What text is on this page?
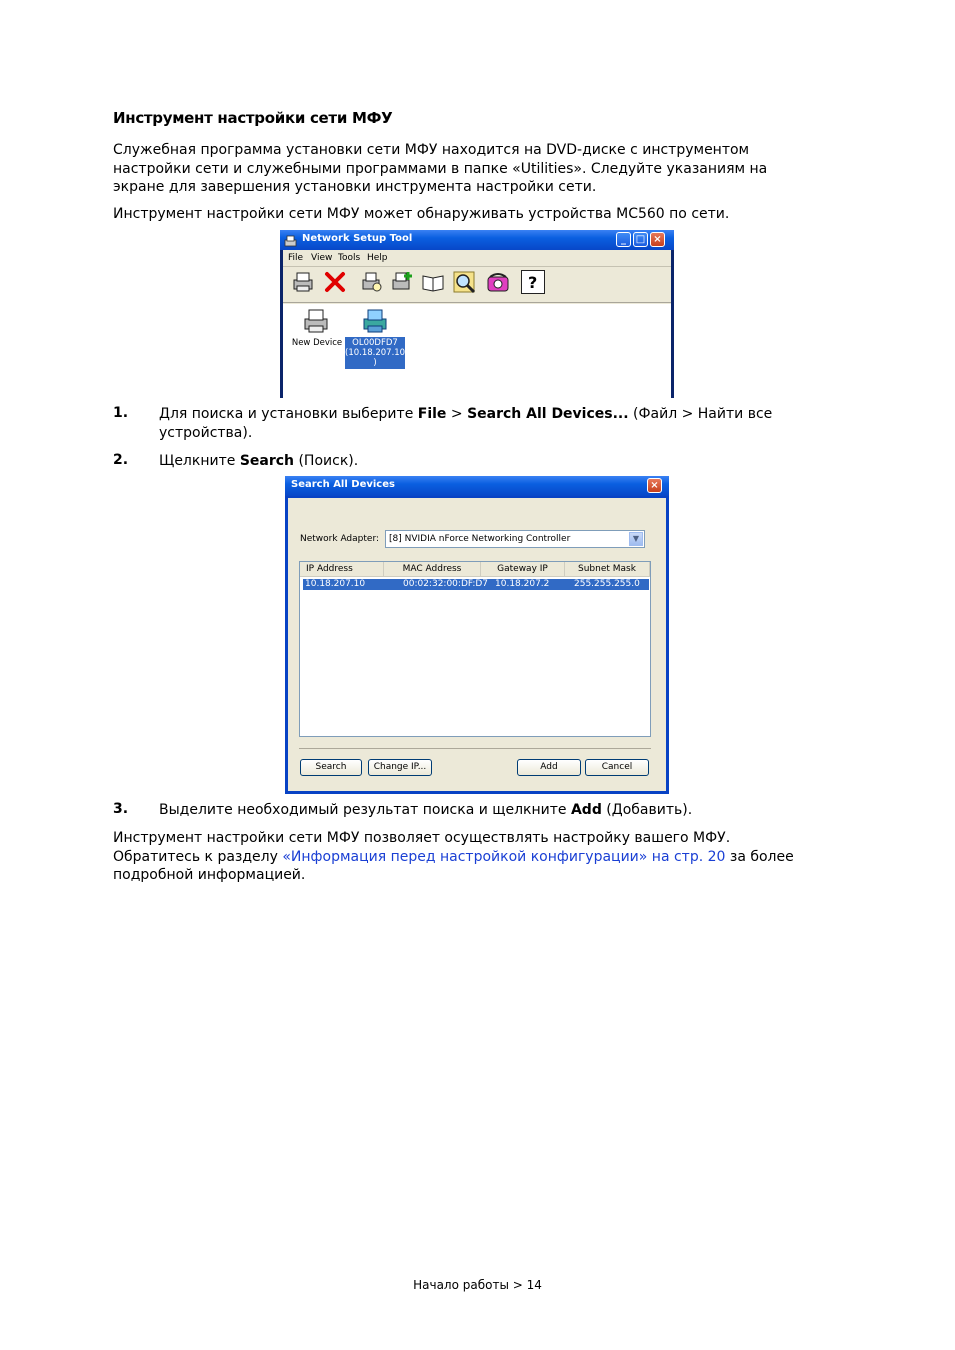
Инструмент настройки сети МФУ
Служебная программа установки сети МФУ находится на DVD-диске с инструментом
настройки сети и служебными программами в папке «Utilities». Следуйте указаниям на
экране для завершения установки инструмента настройки сети.
Инструмент настройки сети МФУ может обнаруживать устройства MC560 по сети.
Network Setup Tool	_ □ ×
File View Tools Help
?
New Device	OL00DFD7
(10.18.207.10
)
1. Для поиска и установки выберите File > Search All Devices... (Файл > Найти все
устройства).
2. Щелкните Search (Поиск).
Search All Devices	×
Network Adapter: [8] NVIDIA nForce Networking Controller	▼
IP Address	MAC Address	Gateway IP	Subnet Mask
10.18.207.10	00:02:32:00:DF:D7 10.18.207.2	255.255.255.0
Search	Change IP...	Add	Cancel
3. Выделите необходимый результат поиска и щелкните Add (Добавить).
Инструмент настройки сети МФУ позволяет осуществлять настройку вашего МФУ.
Обратитесь к разделу «Информация перед настройкой конфигурации» на стр. 20 за более
подробной информацией.
Начало работы > 14
